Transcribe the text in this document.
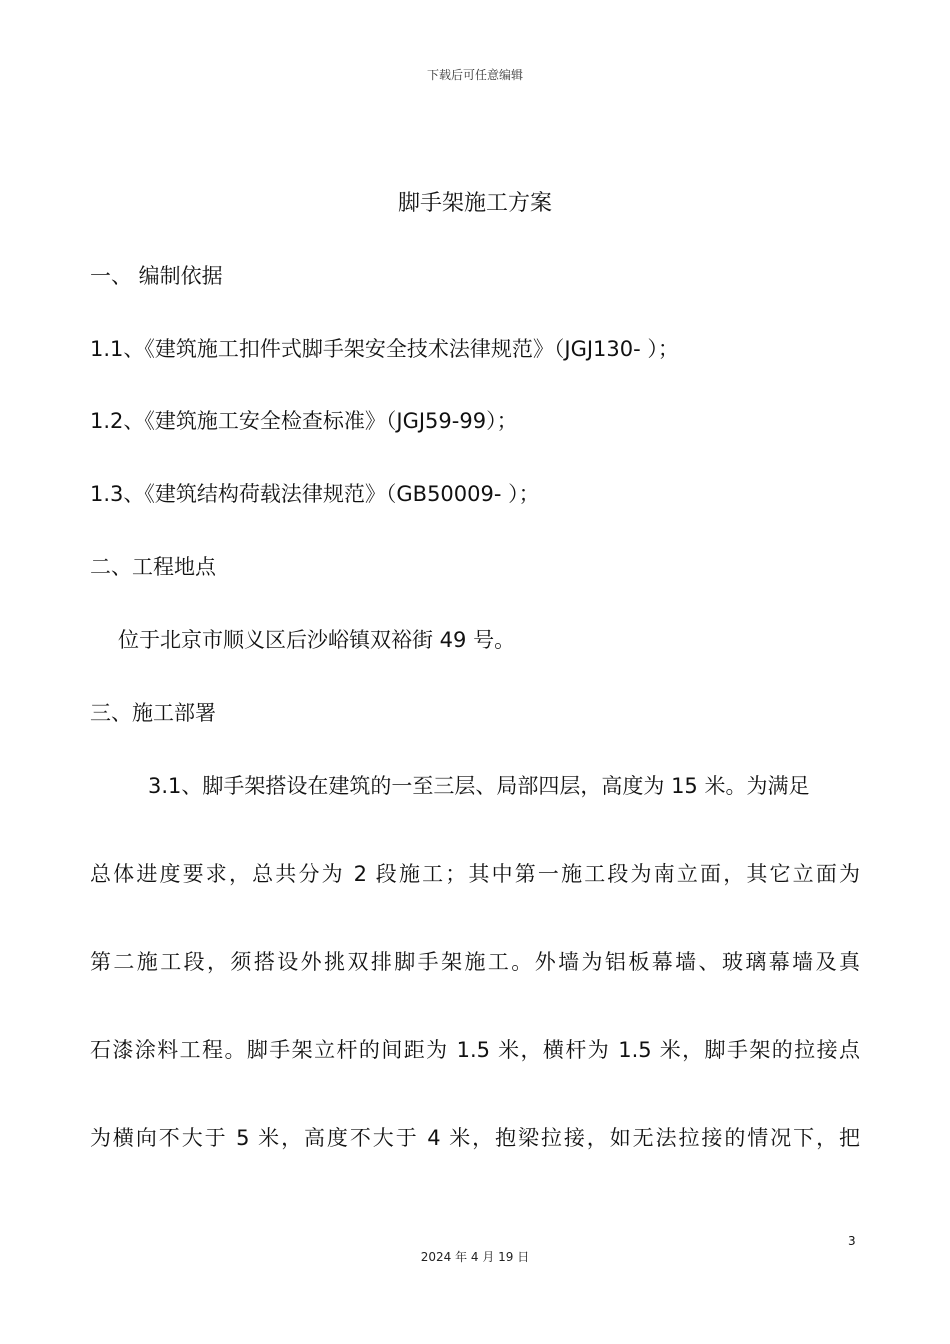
下载后可任意编辑
脚手架施工方案
一、 编制依据
1.1、《建筑施工扣件式脚手架安全技术法律规范》（JGJ130- ）；
1.2、《建筑施工安全检查标准》（JGJ59-99）；
1.3、《建筑结构荷载法律规范》（GB50009- ）；
二、工程地点
位于北京市顺义区后沙峪镇双裕街 49 号。
三、施工部署
3.1、脚手架搭设在建筑的一至三层、局部四层，高度为 15 米。为满足
总体进度要求，总共分为 2 段施工；其中第一施工段为南立面，其它立面为
第二施工段，须搭设外挑双排脚手架施工。外墙为铝板幕墙、玻璃幕墙及真
石漆涂料工程。脚手架立杆的间距为 1.5 米，横杆为 1.5 米，脚手架的拉接点
为横向不大于 5 米，高度不大于 4 米，抱梁拉接，如无法拉接的情况下，把
3
2024 年 4 月 19 日
